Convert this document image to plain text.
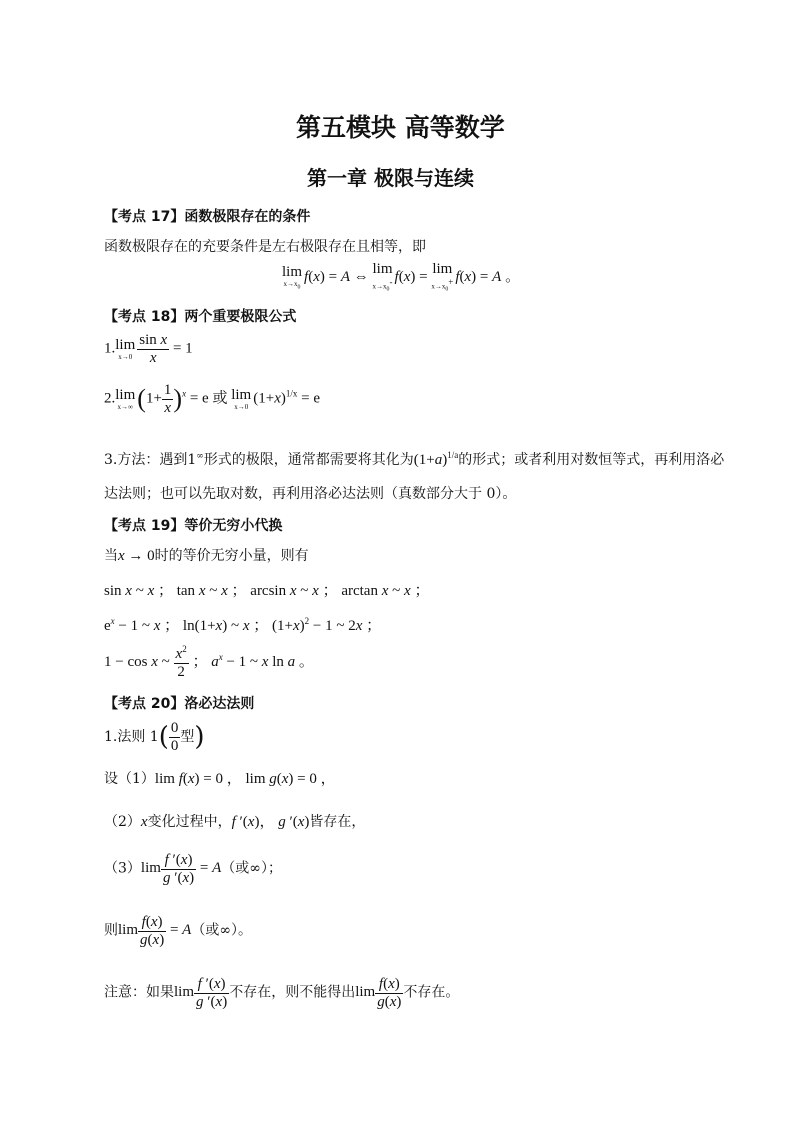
第五模块 高等数学
第一章 极限与连续
【考点 17】函数极限存在的条件
函数极限存在的充要条件是左右极限存在且相等，即
lim
$x\to x_0$
f(x) = A ⇔ lim
$x\to x_0^-$ f(x) = lim
$x\to x_0^+$ f(x) = A 。
【考点 18】两个重要极限公式
1.lim
$x\to 0 \frac{\text{sin x}}{x} = 1$
2.lim
x→∞ $(1+ \frac{1}{x} )^x = e$ 或 lim
x→0
$(1+x)^{1/x} = e$
3.方法：遇到1∞形式的极限，通常都需要将其化为$(1+a)^{1/a}$的形式；或者利用对数恒等式，再利用洛必
达法则；也可以先取对数，再利用洛必达法则（真数部分大于 0）。
【考点 19】等价无穷小代换
当x → 0时的等价无穷小量，则有
sin x ~ x ； tan x ~ x ； arcsin x ~ x ； arctan x ~ x ；
$e^x - 1$ ~ x ； ln(1+x) ~ x ； $(1+x)^2 - 1$ ~ 2x ；
1 − cos x ~ $\frac{x^2}{2}$ ； $a^x - 1$ ~ x ln a 。
【考点 20】洛必达法则
1.法则 $1( \frac{0}{0}$ 型)
设（1）lim f(x) = 0 ， lim g(x) = 0 ，
（2）x变化过程中，f ′(x)， g ′(x)皆存在，
$(3)\lim \frac{f '(x)}{g '(x)} = A$（或∞）；
则$\lim \frac{f(x)}{g(x)} = A$（或∞）。
注意：如果$\lim \frac{f '(x)}{g '(x)}$ 不存在，则不能得出$\lim \frac{f(x)}{g(x)}$ 不存在。
